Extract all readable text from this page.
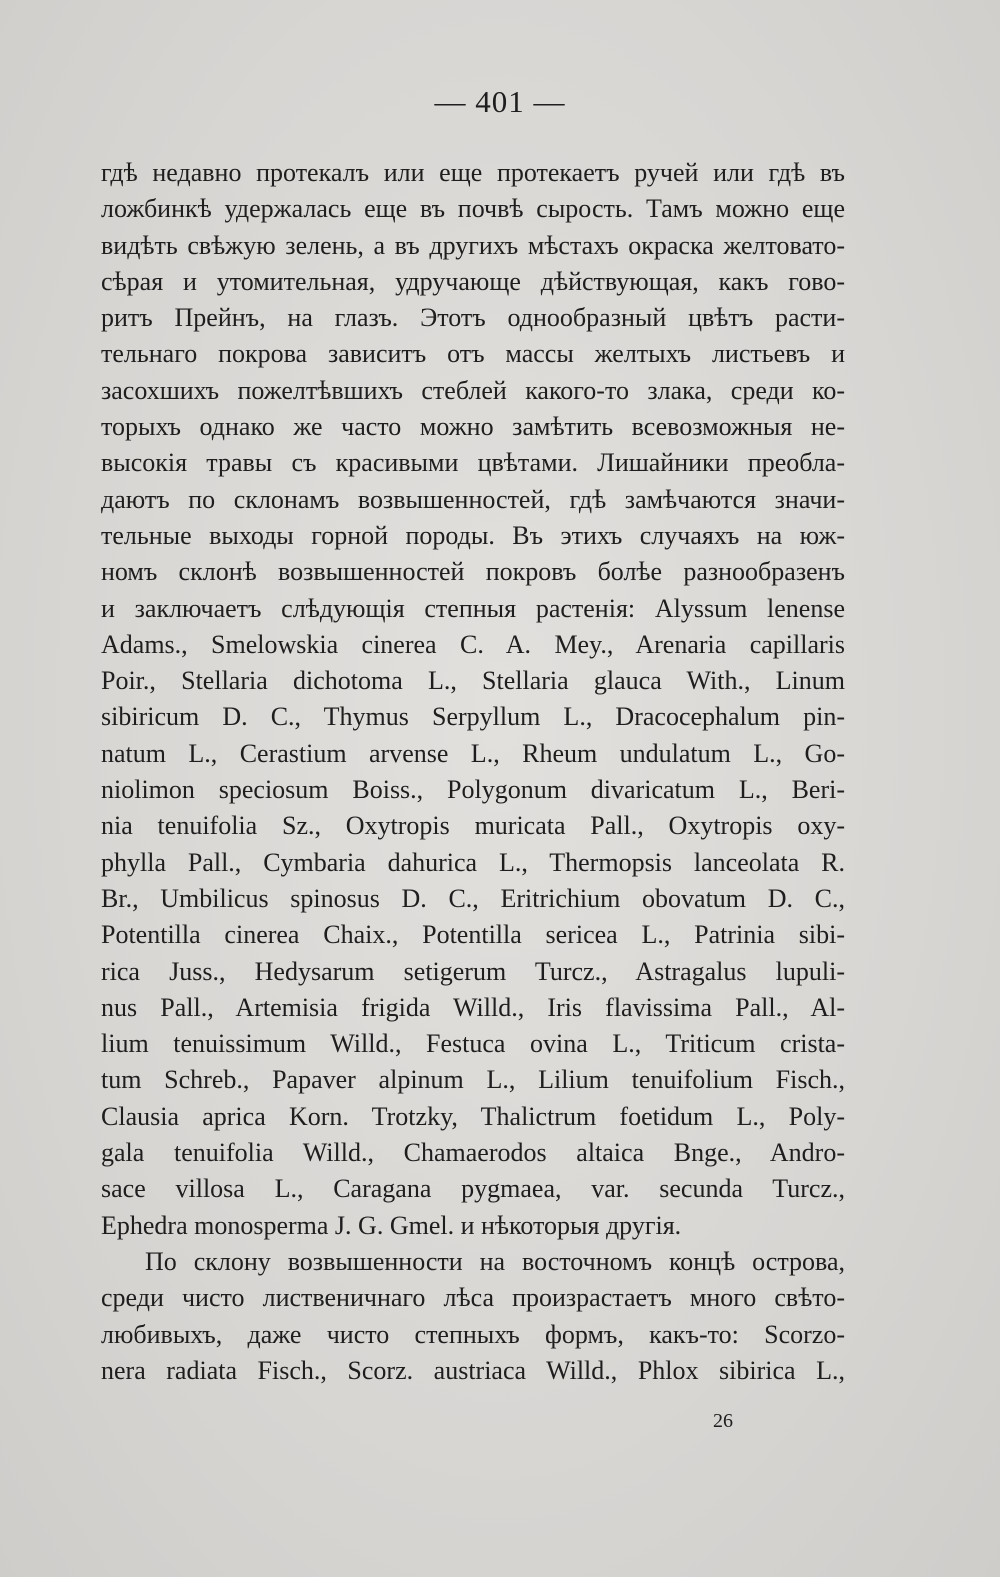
— 401 —
гдѣ недавно протекалъ или еще протекаетъ ручей или гдѣ въ
ложбинкѣ удержалась еще въ почвѣ сырость. Тамъ можно еще
видѣть свѣжую зелень, а въ другихъ мѣстахъ окраска желтовато-
сѣрая и утомительная, удручающе дѣйствующая, какъ гово-
ритъ Прейнъ, на глазъ. Этотъ однообразный цвѣтъ расти-
тельнаго покрова зависитъ отъ массы желтыхъ листьевъ и
засохшихъ пожелтѣвшихъ стеблей какого-то злака, среди ко-
торыхъ однако же часто можно замѣтить всевозможныя не-
высокія травы съ красивыми цвѣтами. Лишайники преобла-
даютъ по склонамъ возвышенностей, гдѣ замѣчаются значи-
тельные выходы горной породы. Въ этихъ случаяхъ на юж-
номъ склонѣ возвышенностей покровъ болѣе разнообразенъ
и заключаетъ слѣдующія степныя растенія: Alyssum lenense
Adams., Smelowskia cinerea C. A. Mey., Arenaria capillaris
Poir., Stellaria dichotoma L., Stellaria glauca With., Linum
sibiricum D. C., Thymus Serpyllum L., Dracocephalum pin-
natum L., Cerastium arvense L., Rheum undulatum L., Go-
niolimon speciosum Boiss., Polygonum divaricatum L., Beri-
nia tenuifolia Sz., Oxytropis muricata Pall., Oxytropis oxy-
phylla Pall., Cymbaria dahurica L., Thermopsis lanceolata R.
Br., Umbilicus spinosus D. C., Eritrichium obovatum D. C.,
Potentilla cinerea Chaix., Potentilla sericea L., Patrinia sibi-
rica Juss., Hedysarum setigerum Turcz., Astragalus lupuli-
nus Pall., Artemisia frigida Willd., Iris flavissima Pall., Al-
lium tenuissimum Willd., Festuca ovina L., Triticum crista-
tum Schreb., Papaver alpinum L., Lilium tenuifolium Fisch.,
Clausia aprica Korn. Trotzky, Thalictrum foetidum L., Poly-
gala tenuifolia Willd., Chamaerodos altaica Bnge., Andro-
sace villosa L., Caragana pygmaea, var. secunda Turcz.,
Ephedra monosperma J. G. Gmel. и нѣкоторыя другія.
По склону возвышенности на восточномъ концѣ острова,
среди чисто лиственичнаго лѣса произрастаетъ много свѣто-
любивыхъ, даже чисто степныхъ формъ, какъ-то: Scorzo-
nera radiata Fisch., Scorz. austriaca Willd., Phlox sibirica L.,
26
